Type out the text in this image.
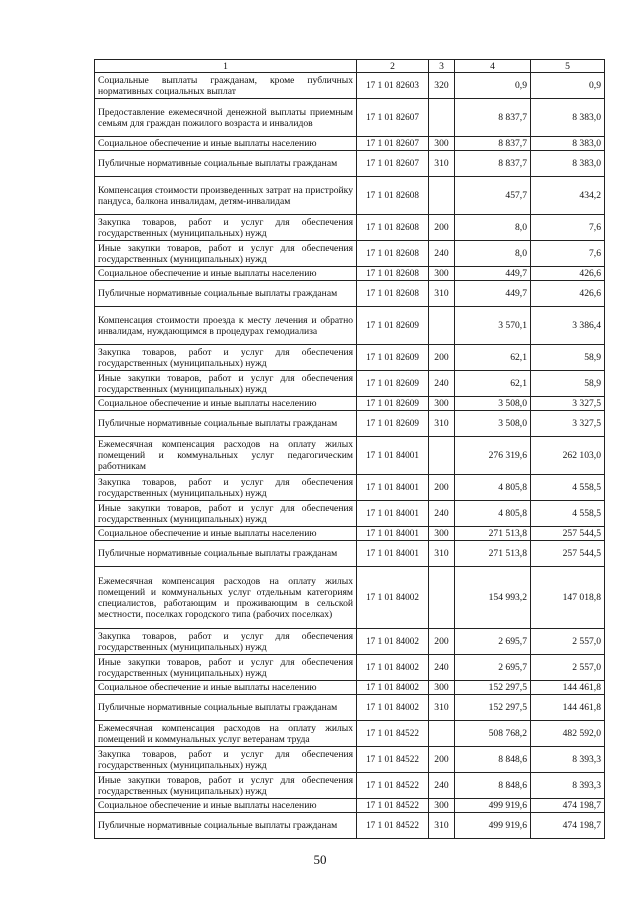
1	2	3	4	5
Социальные выплаты гражданам, кроме публичных нормативных социальных выплат	17 1 01 82603	320	0,9	0,9
Предоставление ежемесячной денежной выплаты приемным семьям для граждан пожилого возраста и инвалидов	17 1 01 82607		8 837,7	8 383,0
Социальное обеспечение и иные выплаты населению	17 1 01 82607	300	8 837,7	8 383,0
Публичные нормативные социальные выплаты гражданам	17 1 01 82607	310	8 837,7	8 383,0
Компенсация стоимости произведенных затрат на пристройку пандуса, балкона инвалидам, детям-инвалидам	17 1 01 82608		457,7	434,2
Закупка товаров, работ и услуг для обеспечения государственных (муниципальных) нужд	17 1 01 82608	200	8,0	7,6
Иные закупки товаров, работ и услуг для обеспечения государственных (муниципальных) нужд	17 1 01 82608	240	8,0	7,6
Социальное обеспечение и иные выплаты населению	17 1 01 82608	300	449,7	426,6
Публичные нормативные социальные выплаты гражданам	17 1 01 82608	310	449,7	426,6
Компенсация стоимости проезда к месту лечения и обратно инвалидам, нуждающимся в процедурах гемодиализа	17 1 01 82609		3 570,1	3 386,4
Закупка товаров, работ и услуг для обеспечения государственных (муниципальных) нужд	17 1 01 82609	200	62,1	58,9
Иные закупки товаров, работ и услуг для обеспечения государственных (муниципальных) нужд	17 1 01 82609	240	62,1	58,9
Социальное обеспечение и иные выплаты населению	17 1 01 82609	300	3 508,0	3 327,5
Публичные нормативные социальные выплаты гражданам	17 1 01 82609	310	3 508,0	3 327,5
Ежемесячная компенсация расходов на оплату жилых помещений и коммунальных услуг педагогическим работникам	17 1 01 84001		276 319,6	262 103,0
Закупка товаров, работ и услуг для обеспечения государственных (муниципальных) нужд	17 1 01 84001	200	4 805,8	4 558,5
Иные закупки товаров, работ и услуг для обеспечения государственных (муниципальных) нужд	17 1 01 84001	240	4 805,8	4 558,5
Социальное обеспечение и иные выплаты населению	17 1 01 84001	300	271 513,8	257 544,5
Публичные нормативные социальные выплаты гражданам	17 1 01 84001	310	271 513,8	257 544,5
Ежемесячная компенсация расходов на оплату жилых помещений и коммунальных услуг отдельным категориям специалистов, работающим и проживающим в сельской местности, поселках городского типа (рабочих поселках)	17 1 01 84002		154 993,2	147 018,8
Закупка товаров, работ и услуг для обеспечения государственных (муниципальных) нужд	17 1 01 84002	200	2 695,7	2 557,0
Иные закупки товаров, работ и услуг для обеспечения государственных (муниципальных) нужд	17 1 01 84002	240	2 695,7	2 557,0
Социальное обеспечение и иные выплаты населению	17 1 01 84002	300	152 297,5	144 461,8
Публичные нормативные социальные выплаты гражданам	17 1 01 84002	310	152 297,5	144 461,8
Ежемесячная компенсация расходов на оплату жилых помещений и коммунальных услуг ветеранам труда	17 1 01 84522		508 768,2	482 592,0
Закупка товаров, работ и услуг для обеспечения государственных (муниципальных) нужд	17 1 01 84522	200	8 848,6	8 393,3
Иные закупки товаров, работ и услуг для обеспечения государственных (муниципальных) нужд	17 1 01 84522	240	8 848,6	8 393,3
Социальное обеспечение и иные выплаты населению	17 1 01 84522	300	499 919,6	474 198,7
Публичные нормативные социальные выплаты гражданам	17 1 01 84522	310	499 919,6	474 198,7
50
